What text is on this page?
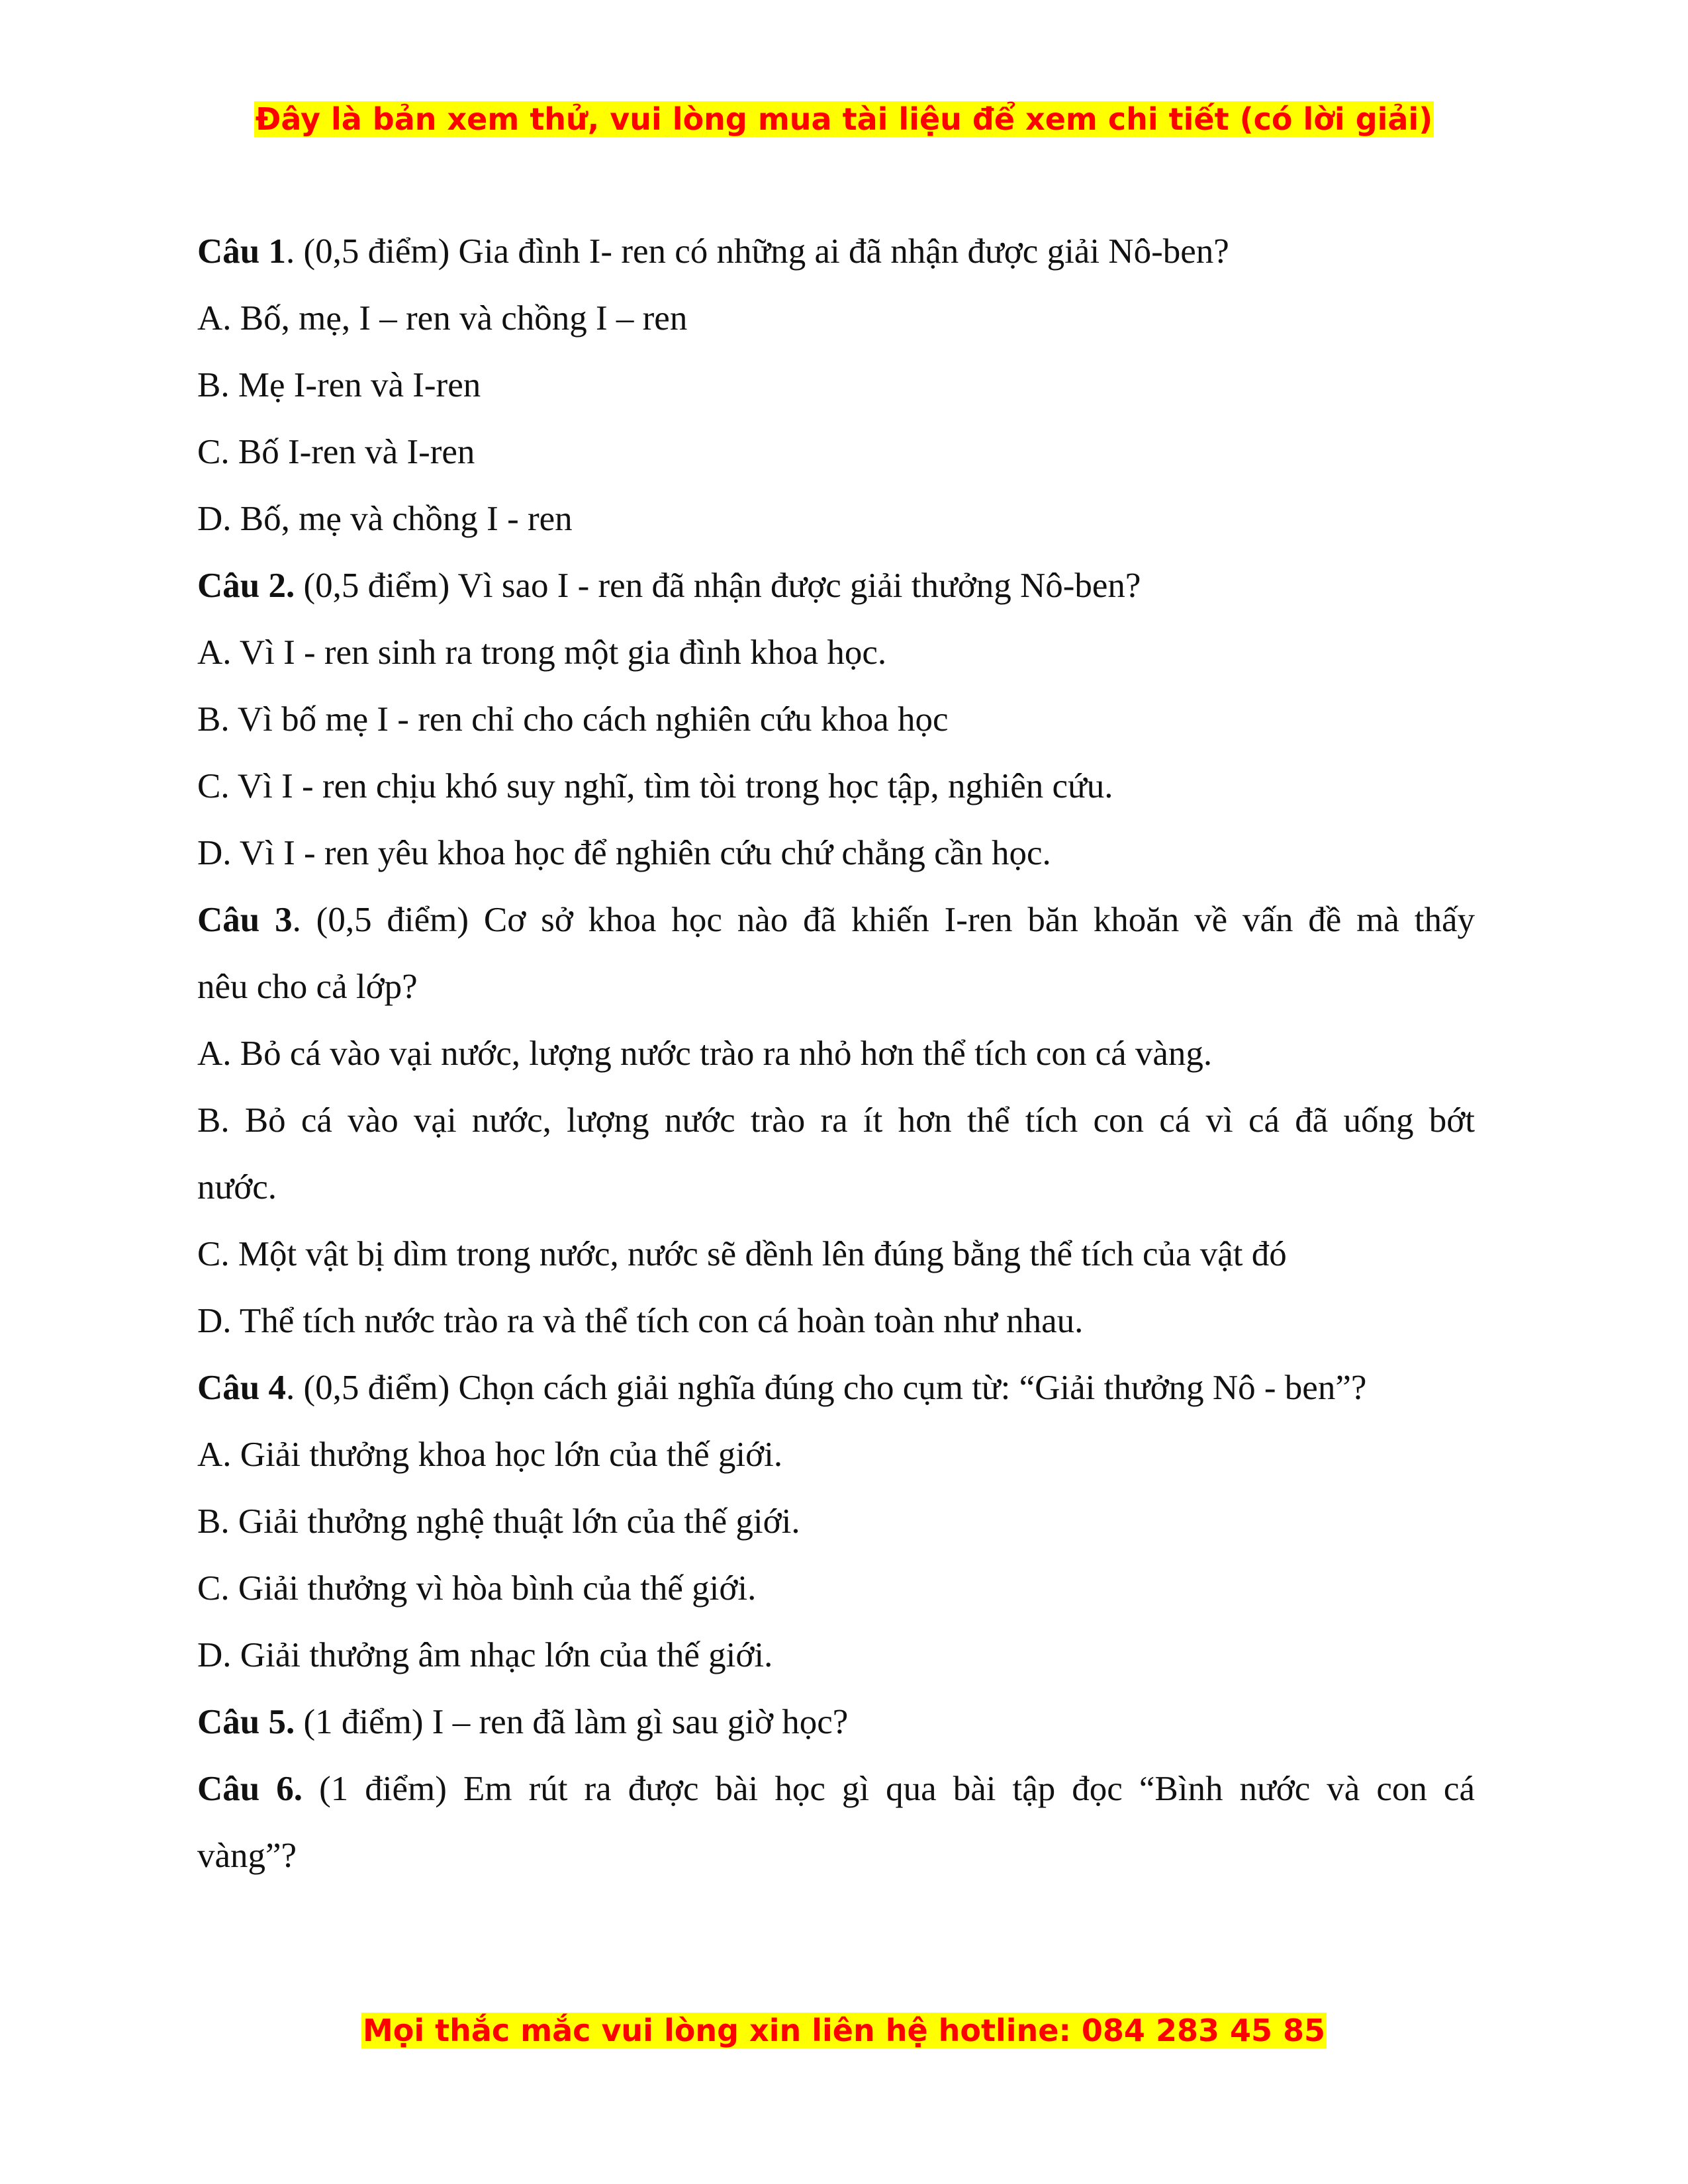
Đây là bản xem thử, vui lòng mua tài liệu để xem chi tiết (có lời giải)
Câu 1. (0,5 điểm) Gia đình I- ren có những ai đã nhận được giải Nô-ben?
A. Bố, mẹ, I – ren và chồng I – ren
B. Mẹ I-ren và I-ren
C. Bố I-ren và I-ren
D. Bố, mẹ và chồng I - ren
Câu 2. (0,5 điểm) Vì sao I - ren đã nhận được giải thưởng Nô-ben?
A. Vì I - ren sinh ra trong một gia đình khoa học.
B. Vì bố mẹ I - ren chỉ cho cách nghiên cứu khoa học
C. Vì I - ren chịu khó suy nghĩ, tìm tòi trong học tập, nghiên cứu.
D. Vì I - ren yêu khoa học để nghiên cứu chứ chẳng cần học.
Câu 3. (0,5 điểm) Cơ sở khoa học nào đã khiến I-ren băn khoăn về vấn đề mà thấy
nêu cho cả lớp?
A. Bỏ cá vào vại nước, lượng nước trào ra nhỏ hơn thể tích con cá vàng.
B. Bỏ cá vào vại nước, lượng nước trào ra ít hơn thể tích con cá vì cá đã uống bớt
nước.
C. Một vật bị dìm trong nước, nước sẽ dềnh lên đúng bằng thể tích của vật đó
D. Thể tích nước trào ra và thể tích con cá hoàn toàn như nhau.
Câu 4. (0,5 điểm) Chọn cách giải nghĩa đúng cho cụm từ: “Giải thưởng Nô - ben”?
A. Giải thưởng khoa học lớn của thế giới.
B. Giải thưởng nghệ thuật lớn của thế giới.
C. Giải thưởng vì hòa bình của thế giới.
D. Giải thưởng âm nhạc lớn của thế giới.
Câu 5. (1 điểm) I – ren đã làm gì sau giờ học?
Câu 6. (1 điểm) Em rút ra được bài học gì qua bài tập đọc “Bình nước và con cá
vàng”?
Mọi thắc mắc vui lòng xin liên hệ hotline: 084 283 45 85
